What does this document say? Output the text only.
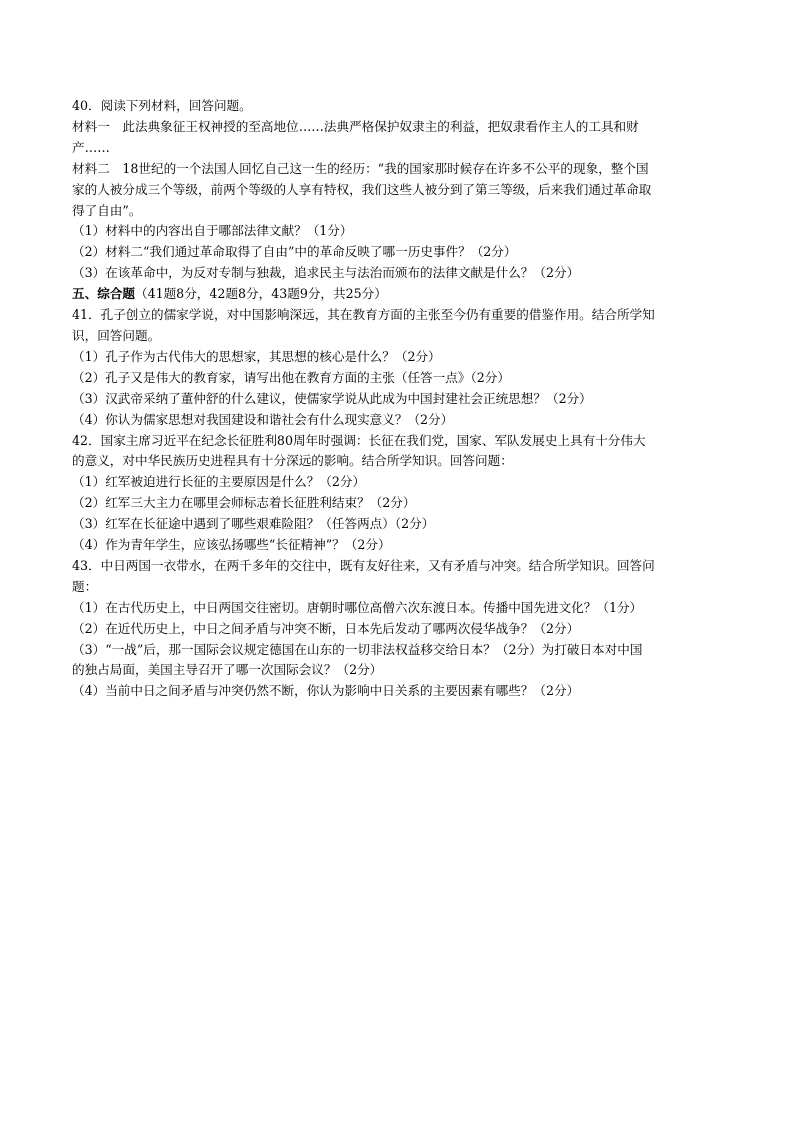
40．阅读下列材料，回答问题。
材料一　此法典象征王权神授的至高地位……法典严格保护奴隶主的利益，把奴隶看作主人的工具和财
产……
材料二　18世纪的一个法国人回忆自己这一生的经历：“我的国家那时候存在许多不公平的现象，整个国
家的人被分成三个等级，前两个等级的人享有特权，我们这些人被分到了第三等级，后来我们通过革命取
得了自由”。
（1）材料中的内容出自于哪部法律文献？（1分）
（2）材料二“我们通过革命取得了自由”中的革命反映了哪一历史事件？（2分）
（3）在该革命中，为反对专制与独裁，追求民主与法治而颁布的法律文献是什么？（2分）
五、综合题（41题8分，42题8分，43题9分，共25分）
41．孔子创立的儒家学说，对中国影响深远，其在教育方面的主张至今仍有重要的借鉴作用。结合所学知
识，回答问题。
（1）孔子作为古代伟大的思想家，其思想的核心是什么？（2分）
（2）孔子又是伟大的教育家，请写出他在教育方面的主张（任答一点》（2分）
（3）汉武帝采纳了董仲舒的什么建议，使儒家学说从此成为中国封建社会正统思想？（2分）
（4）你认为儒家思想对我国建设和谐社会有什么现实意义？（2分）
42．国家主席习近平在纪念长征胜利80周年时强调：长征在我们党，国家、军队发展史上具有十分伟大
的意义，对中华民族历史进程具有十分深远的影响。结合所学知识。回答问题：
（1）红军被迫进行长征的主要原因是什么？（2分）
（2）红军三大主力在哪里会师标志着长征胜利结束？（2分）
（3）红军在长征途中遇到了哪些艰难险阻？（任答两点）（2分）
（4）作为青年学生，应该弘扬哪些“长征精神”？（2分）
43．中日两国一衣带水，在两千多年的交往中，既有友好往来，又有矛盾与冲突。结合所学知识。回答问
题：
（1）在古代历史上，中日两国交往密切。唐朝时哪位高僧六次东渡日本。传播中国先进文化？（1分）
（2）在近代历史上，中日之间矛盾与冲突不断，日本先后发动了哪两次侵华战争？（2分）
（3）“一战”后，那一国际会议规定德国在山东的一切非法权益移交给日本？（2分）为打破日本对中国
的独占局面，美国主导召开了哪一次国际会议？（2分）
（4）当前中日之间矛盾与冲突仍然不断，你认为影响中日关系的主要因素有哪些？（2分）
